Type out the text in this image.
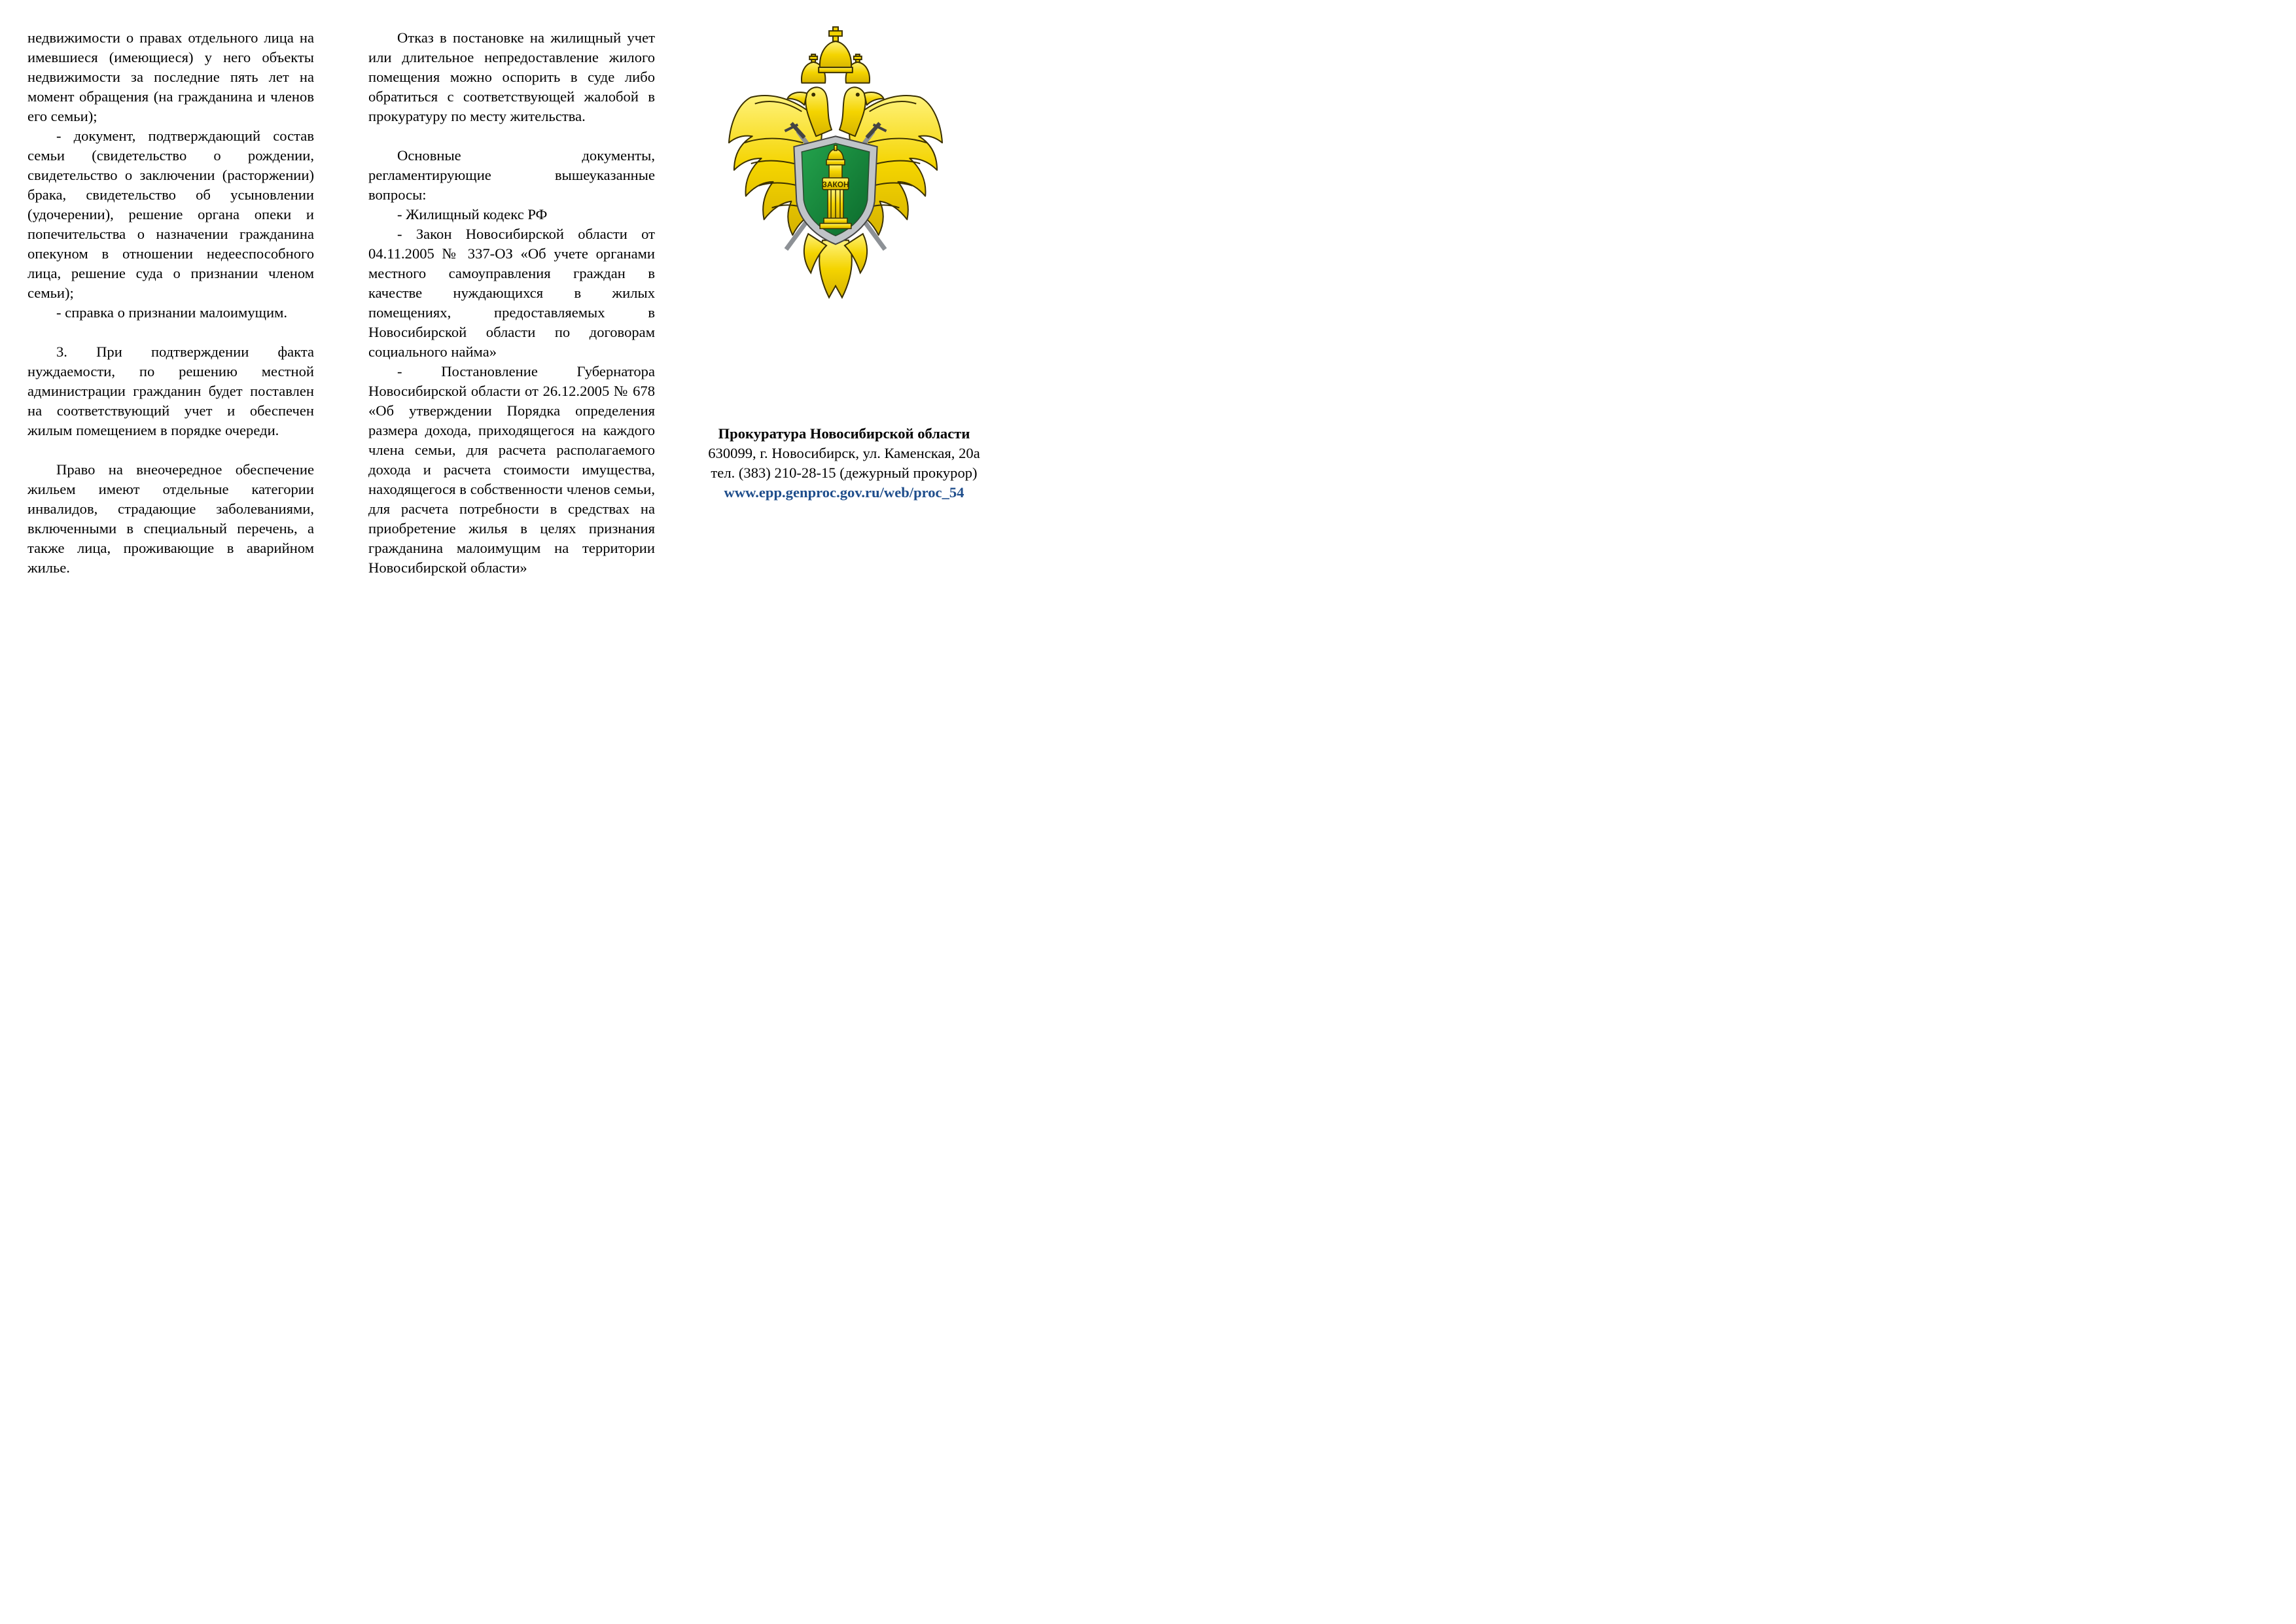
недвижимости о правах отдельного лица на имевшиеся (имеющиеся) у него объекты недвижимости за последние пять лет на момент обращения (на гражданина и членов его семьи);

- документ, подтверждающий состав семьи (свидетельство о рождении, свидетельство о заключении (расторжении) брака, свидетельство об усыновлении (удочерении), решение органа опеки и попечительства о назначении гражданина опекуном в отношении недееспособного лица, решение суда о признании членом семьи);

- справка о признании малоимущим.

3. При подтверждении факта нуждаемости, по решению местной администрации гражданин будет поставлен на соответствующий учет и обеспечен жилым помещением в порядке очереди.

Право на внеочередное обеспечение жильем имеют отдельные категории инвалидов, страдающие заболеваниями, включенными в специальный перечень, а также лица, проживающие в аварийном жилье.

Отказ в постановке на жилищный учет или длительное непредоставление жилого помещения можно оспорить в суде либо обратиться с соответствующей жалобой в прокуратуру по месту жительства.

Основные документы, регламентирующие вышеуказанные вопросы:

- Жилищный кодекс РФ

- Закон Новосибирской области от 04.11.2005 № 337-ОЗ «Об учете органами местного самоуправления граждан в качестве нуждающихся в жилых помещениях, предоставляемых в Новосибирской области по договорам социального найма»

- Постановление Губернатора Новосибирской области от 26.12.2005 № 678 «Об утверждении Порядка определения размера дохода, приходящегося на каждого члена семьи, для расчета располагаемого дохода и расчета стоимости имущества, находящегося в собственности членов семьи, для расчета потребности в средствах на приобретение жилья в целях признания гражданина малоимущим на территории Новосибирской области»

ЗАКОН
Прокуратура Новосибирской области
630099, г. Новосибирск, ул. Каменская, 20а
тел. (383) 210-28-15 (дежурный прокурор)
www.epp.genproc.gov.ru/web/proc_54
